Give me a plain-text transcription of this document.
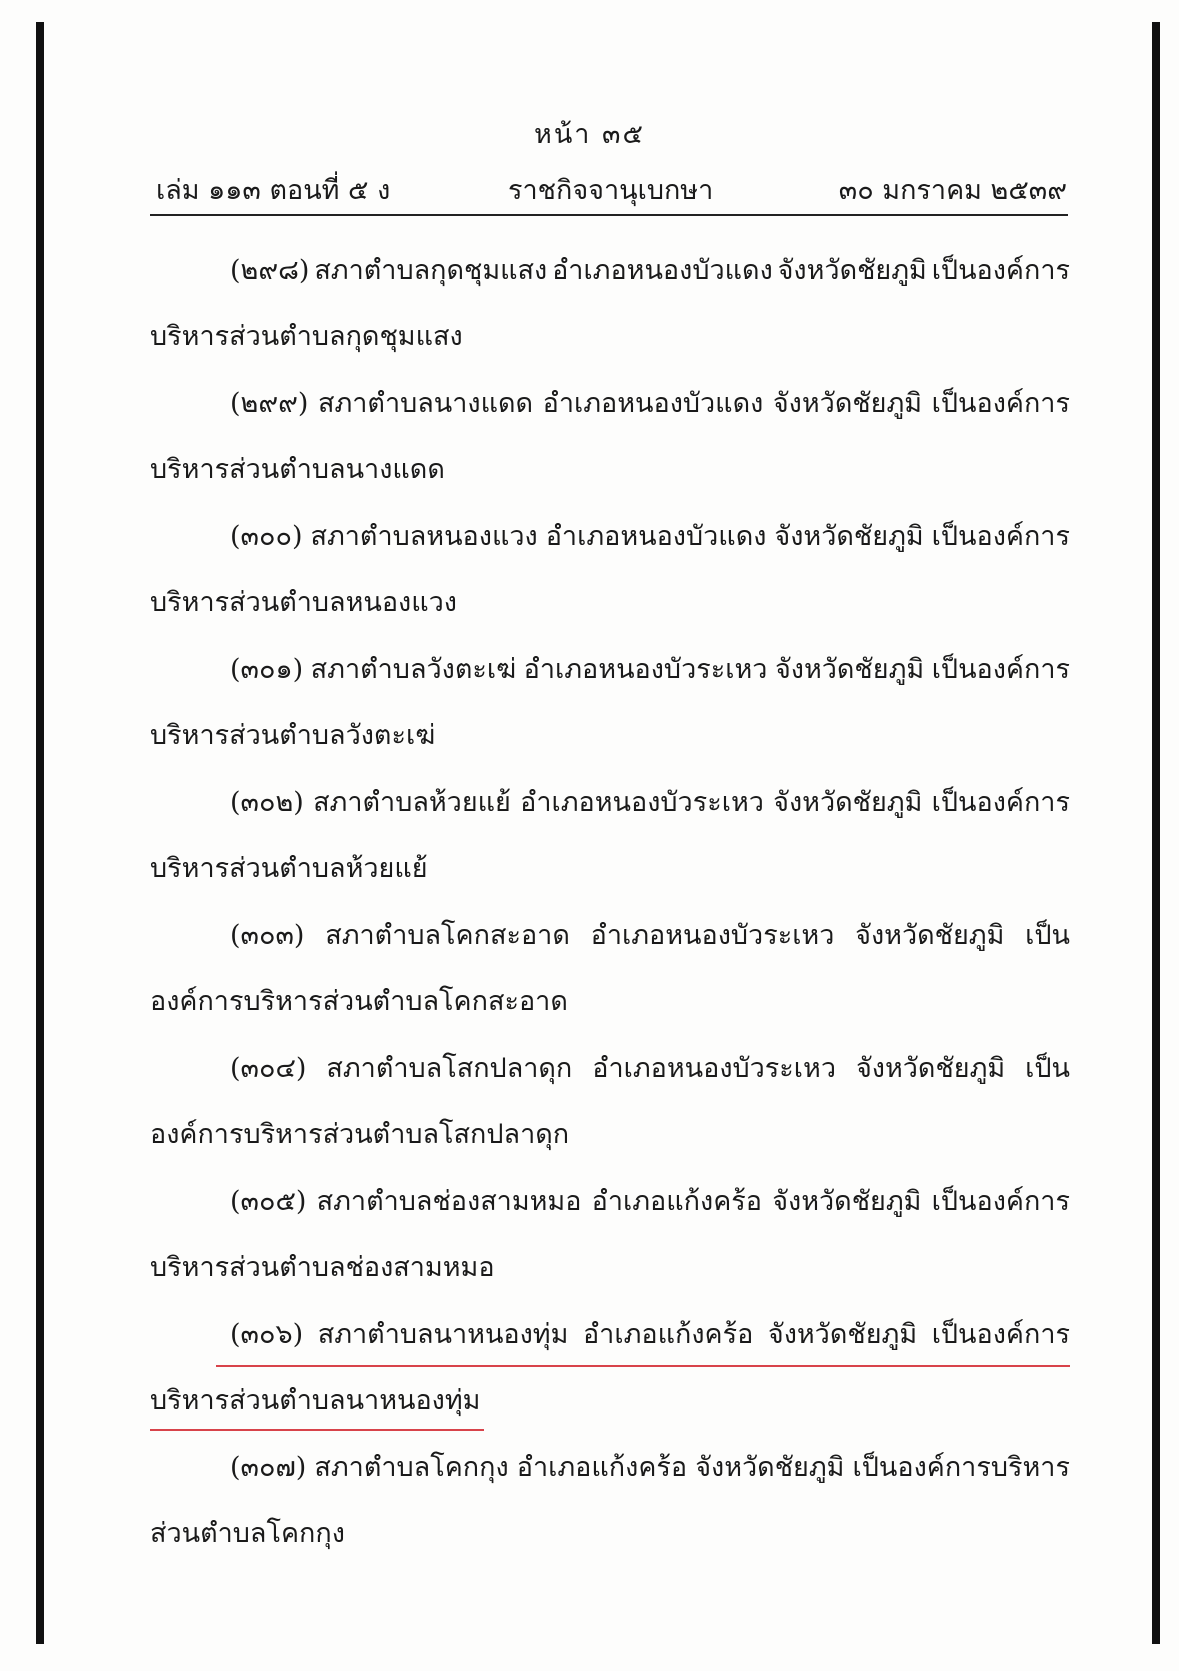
หน้า ๓๕
เล่ม ๑๑๓ ตอนที่ ๕ ง	ราชกิจจานุเบกษา	๓๐ มกราคม ๒๕๓๙
(๒๙๘) สภาตำบลกุดชุมแสง อำเภอหนองบัวแดง จังหวัดชัยภูมิ เป็นองค์การ
บริหารส่วนตำบลกุดชุมแสง
(๒๙๙) สภาตำบลนางแดด อำเภอหนองบัวแดง จังหวัดชัยภูมิ เป็นองค์การ
บริหารส่วนตำบลนางแดด
(๓๐๐) สภาตำบลหนองแวง อำเภอหนองบัวแดง จังหวัดชัยภูมิ เป็นองค์การ
บริหารส่วนตำบลหนองแวง
(๓๐๑) สภาตำบลวังตะเฆ่ อำเภอหนองบัวระเหว จังหวัดชัยภูมิ เป็นองค์การ
บริหารส่วนตำบลวังตะเฆ่
(๓๐๒) สภาตำบลห้วยแย้ อำเภอหนองบัวระเหว จังหวัดชัยภูมิ เป็นองค์การ
บริหารส่วนตำบลห้วยแย้
(๓๐๓) สภาตำบลโคกสะอาด อำเภอหนองบัวระเหว จังหวัดชัยภูมิ เป็น
องค์การบริหารส่วนตำบลโคกสะอาด
(๓๐๔) สภาตำบลโสกปลาดุก อำเภอหนองบัวระเหว จังหวัดชัยภูมิ เป็น
องค์การบริหารส่วนตำบลโสกปลาดุก
(๓๐๕) สภาตำบลช่องสามหมอ อำเภอแก้งคร้อ จังหวัดชัยภูมิ เป็นองค์การ
บริหารส่วนตำบลช่องสามหมอ
(๓๐๖) สภาตำบลนาหนองทุ่ม อำเภอแก้งคร้อ จังหวัดชัยภูมิ เป็นองค์การ
บริหารส่วนตำบลนาหนองทุ่ม
(๓๐๗) สภาตำบลโคกกุง อำเภอแก้งคร้อ จังหวัดชัยภูมิ เป็นองค์การบริหาร
ส่วนตำบลโคกกุง
